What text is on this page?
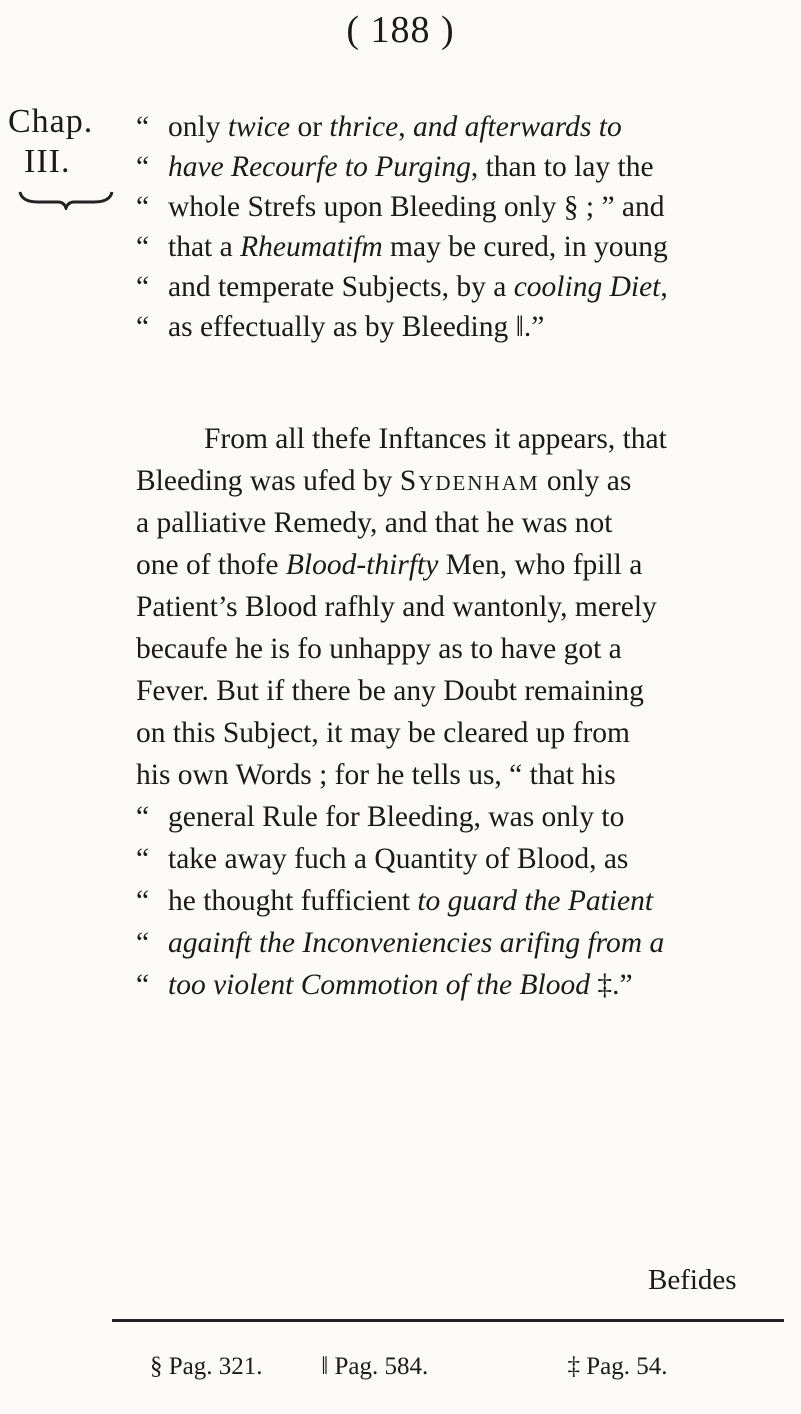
( 188 )
Chap.
III.
“ only twice or thrice, and afterwards to
“ have Recourfe to Purging, than to lay the
“ whole Strefs upon Bleeding only § ; ” and
“ that a Rheumatifm may be cured, in young
“ and temperate Subjects, by a cooling Diet,
“ as effectually as by Bleeding ‖.”
From all thefe Inftances it appears, that
Bleeding was ufed by Sydenham only as
a palliative Remedy, and that he was not
one of thofe Blood-thirfty Men, who fpill a
Patient’s Blood rafhly and wantonly, merely
becaufe he is fo unhappy as to have got a
Fever. But if there be any Doubt remaining
on this Subject, it may be cleared up from
his own Words ; for he tells us, “ that his
“ general Rule for Bleeding, was only to
“ take away fuch a Quantity of Blood, as
“ he thought fufficient to guard the Patient
“ againft the Inconveniencies arifing from a
“ too violent Commotion of the Blood ‡.”
Befides
§ Pag. 321. ‖ Pag. 584.	‡ Pag. 54.
